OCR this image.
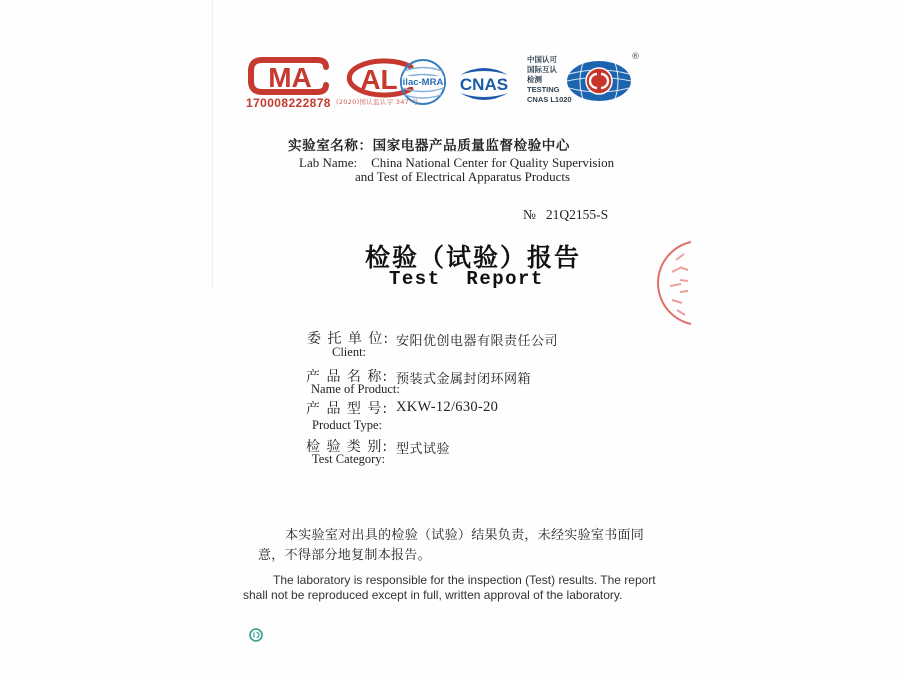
MA
170008222878
AL
(2020)国认监认字 347 号
ilac-MRA CNAS
中国认可
国际互认
检测
TESTING
CNAS L1020
®
实验室名称：国家电器产品质量监督检验中心
Lab Name: China National Center for Quality Supervision
and Test of Electrical Apparatus Products
№ 21Q2155-S
检验（试验）报告
Test  Report
委 托 单 位: 安阳优创电器有限责任公司
Client:
产 品 名 称: 预装式金属封闭环网箱
Name of Product:
产 品 型 号: XKW-12/630-20
Product Type:
检 验 类 别: 型式试验
Test Category:
本实验室对出具的检验（试验）结果负责，未经实验室书面同意，不得部分地复制本报告。
The laboratory is responsible for the inspection (Test) results. The report shall not be reproduced except in full, written approval of the laboratory.
